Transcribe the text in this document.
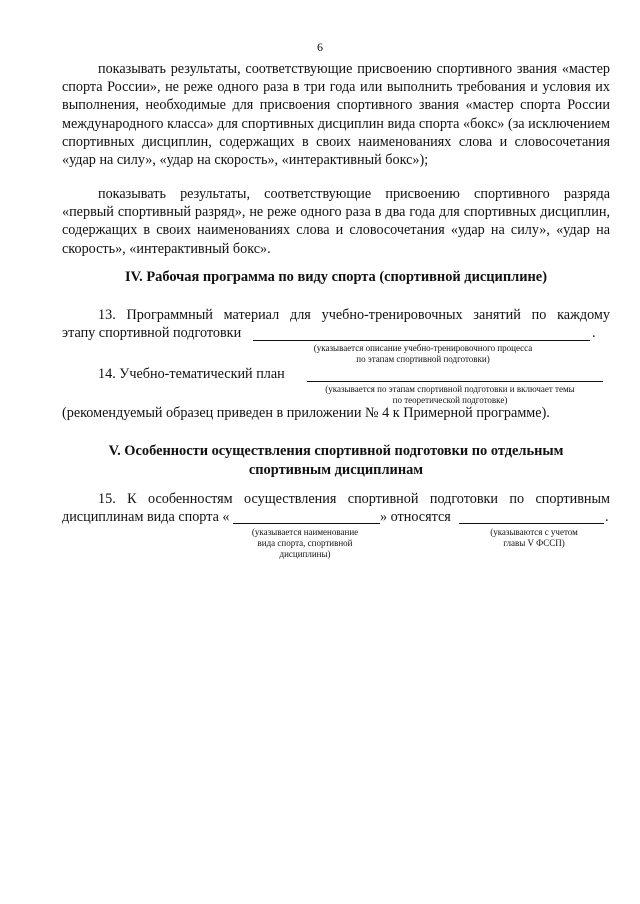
6
показывать результаты, соответствующие присвоению спортивного звания «мастер спорта России», не реже одного раза в три года или выполнить требования и условия их выполнения, необходимые для присвоения спортивного звания «мастер спорта России международного класса» для спортивных дисциплин вида спорта «бокс» (за исключением спортивных дисциплин, содержащих в своих наименованиях слова и словосочетания «удар на силу», «удар на скорость», «интерактивный бокс»);
показывать результаты, соответствующие присвоению спортивного разряда «первый спортивный разряд», не реже одного раза в два года для спортивных дисциплин, содержащих в своих наименованиях слова и словосочетания «удар на силу», «удар на скорость», «интерактивный бокс».
IV. Рабочая программа по виду спорта (спортивной дисциплине)
13. Программный материал для учебно-тренировочных занятий по каждому
этапу спортивной подготовки	.
(указывается описание учебно-тренировочного процесса
по этапам спортивной подготовки)
14. Учебно-тематический план
(указывается по этапам спортивной подготовки и включает темы
по теоретической подготовке)
(рекомендуемый образец приведен в приложении № 4 к Примерной программе).
V. Особенности осуществления спортивной подготовки по отдельным
спортивным дисциплинам
15. К особенностям осуществления спортивной подготовки по спортивным
дисциплинам вида спорта «	» относятся	.
(указывается наименование
вида спорта, спортивной
дисциплины)
(указываются с учетом
главы V ФССП)
